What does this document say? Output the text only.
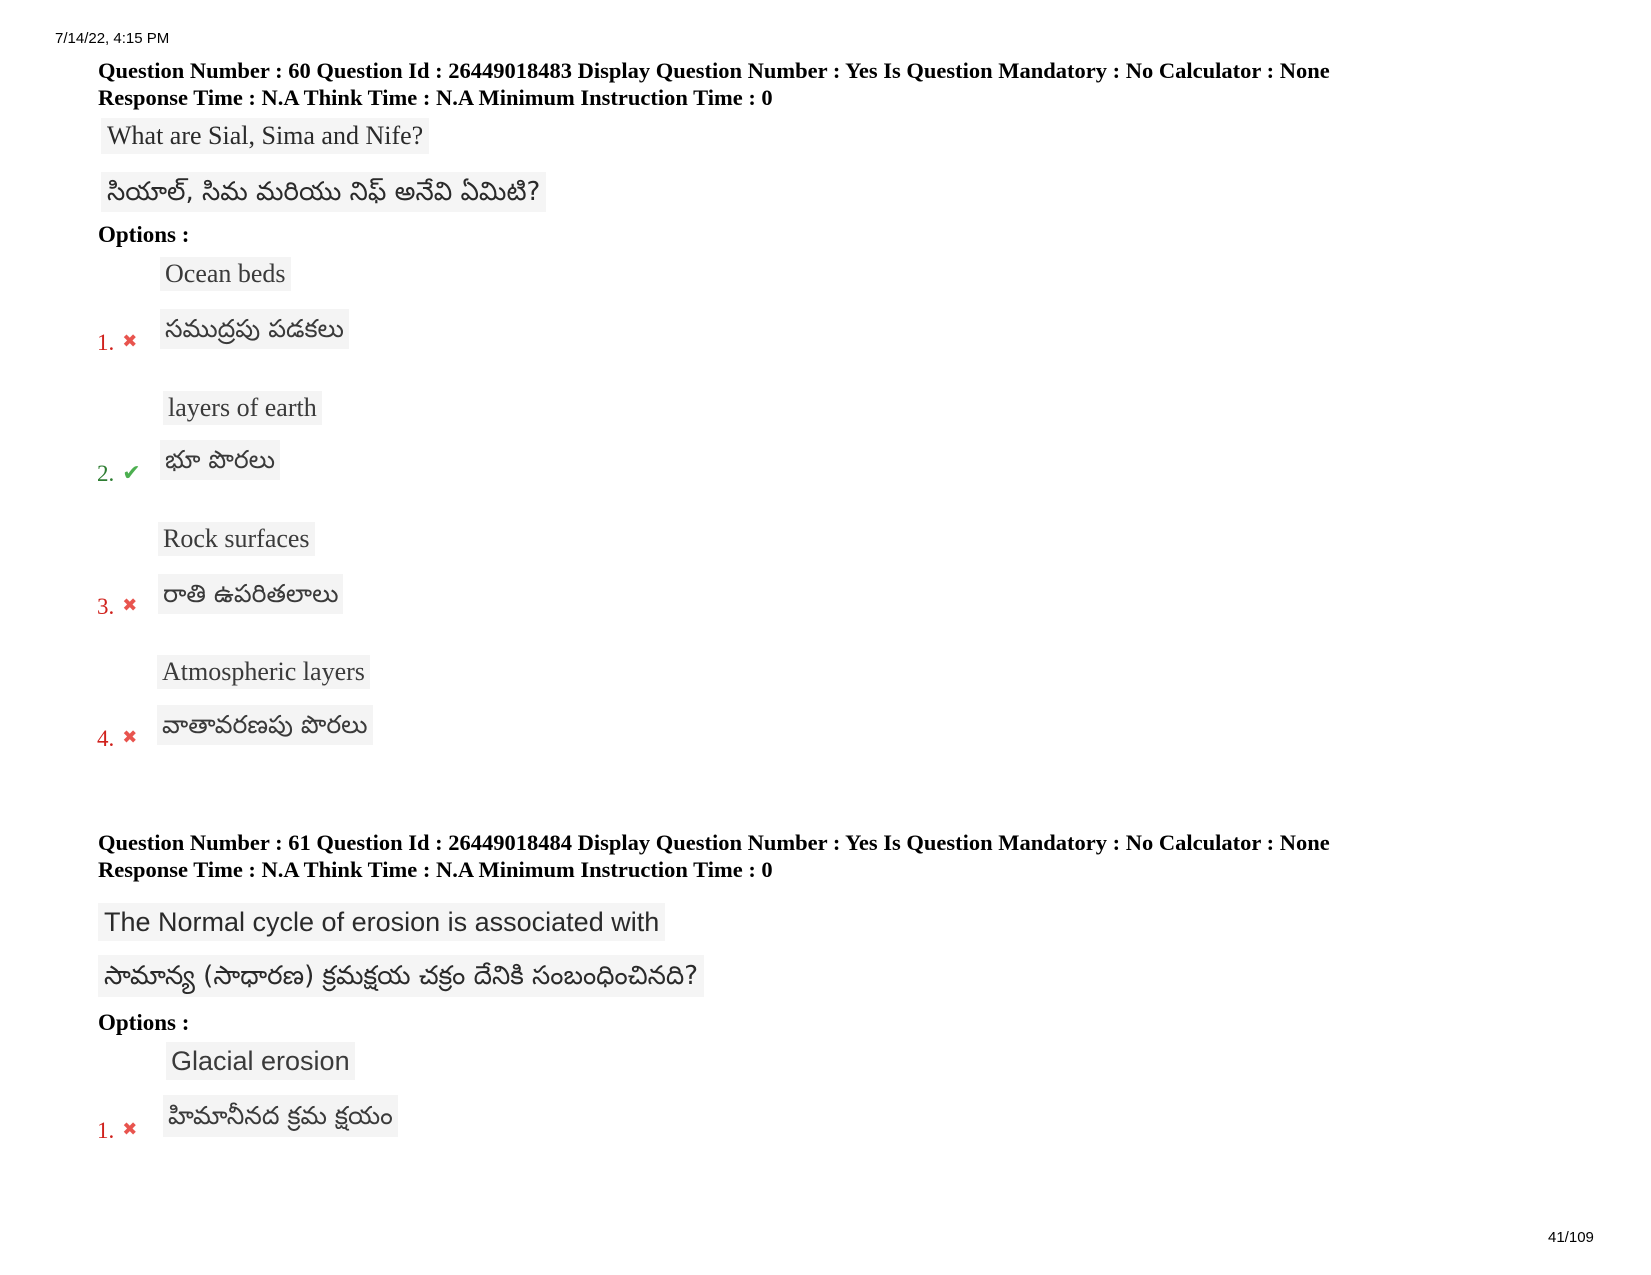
7/14/22, 4:15 PM
Question Number : 60 Question Id : 26449018483 Display Question Number : Yes Is Question Mandatory : No Calculator : None
Response Time : N.A Think Time : N.A Minimum Instruction Time : 0
What are Sial, Sima and Nife?
సియాల్, సిమ మరియు నిఫ్ అనేవి ఏమిటి?
Options :
Ocean beds
సముద్రపు పడకలు
1. ✖
layers of earth
భూ పొరలు
2. ✔
Rock surfaces
రాతి ఉపరితలాలు
3. ✖
Atmospheric layers
వాతావరణపు పొరలు
4. ✖
Question Number : 61 Question Id : 26449018484 Display Question Number : Yes Is Question Mandatory : No Calculator : None
Response Time : N.A Think Time : N.A Minimum Instruction Time : 0
The Normal cycle of erosion is associated with
సామాన్య (సాధారణ) క్రమక్షయ చక్రం దేనికి సంబంధించినది?
Options :
Glacial erosion
హిమానీనద క్రమ క్షయం
1. ✖
41/109
